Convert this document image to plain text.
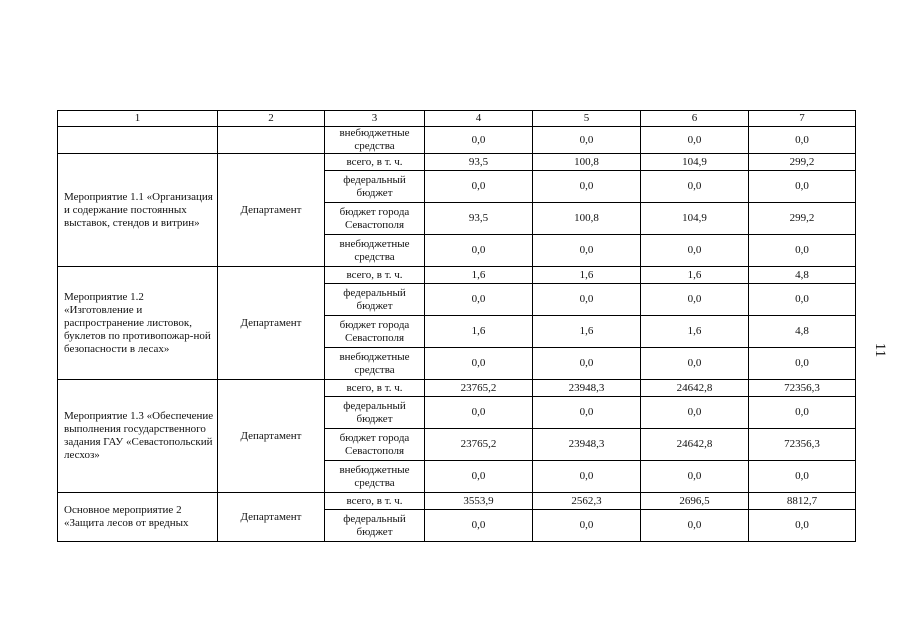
1	2	3	4	5	6	7
		внебюджетные средства	0,0	0,0	0,0	0,0
Мероприятие 1.1 «Организация и содержание постоянных выставок, стендов и витрин»	Департамент	всего, в т. ч.	93,5	100,8	104,9	299,2
		федеральный бюджет	0,0	0,0	0,0	0,0
		бюджет города Севастополя	93,5	100,8	104,9	299,2
		внебюджетные средства	0,0	0,0	0,0	0,0
Мероприятие 1.2 «Изготовление и распространение листовок, буклетов по противопожар-ной безопасности в лесах»	Департамент	всего, в т. ч.	1,6	1,6	1,6	4,8
		федеральный бюджет	0,0	0,0	0,0	0,0
		бюджет города Севастополя	1,6	1,6	1,6	4,8
		внебюджетные средства	0,0	0,0	0,0	0,0
Мероприятие 1.3 «Обеспечение выполнения государственного задания ГАУ «Севастопольский лесхоз»	Департамент	всего, в т. ч.	23765,2	23948,3	24642,8	72356,3
		федеральный бюджет	0,0	0,0	0,0	0,0
		бюджет города Севастополя	23765,2	23948,3	24642,8	72356,3
		внебюджетные средства	0,0	0,0	0,0	0,0
Основное мероприятие 2 «Защита лесов от вредных	Департамент	всего, в т. ч.	3553,9	2562,3	2696,5	8812,7
		федеральный бюджет	0,0	0,0	0,0	0,0
11
